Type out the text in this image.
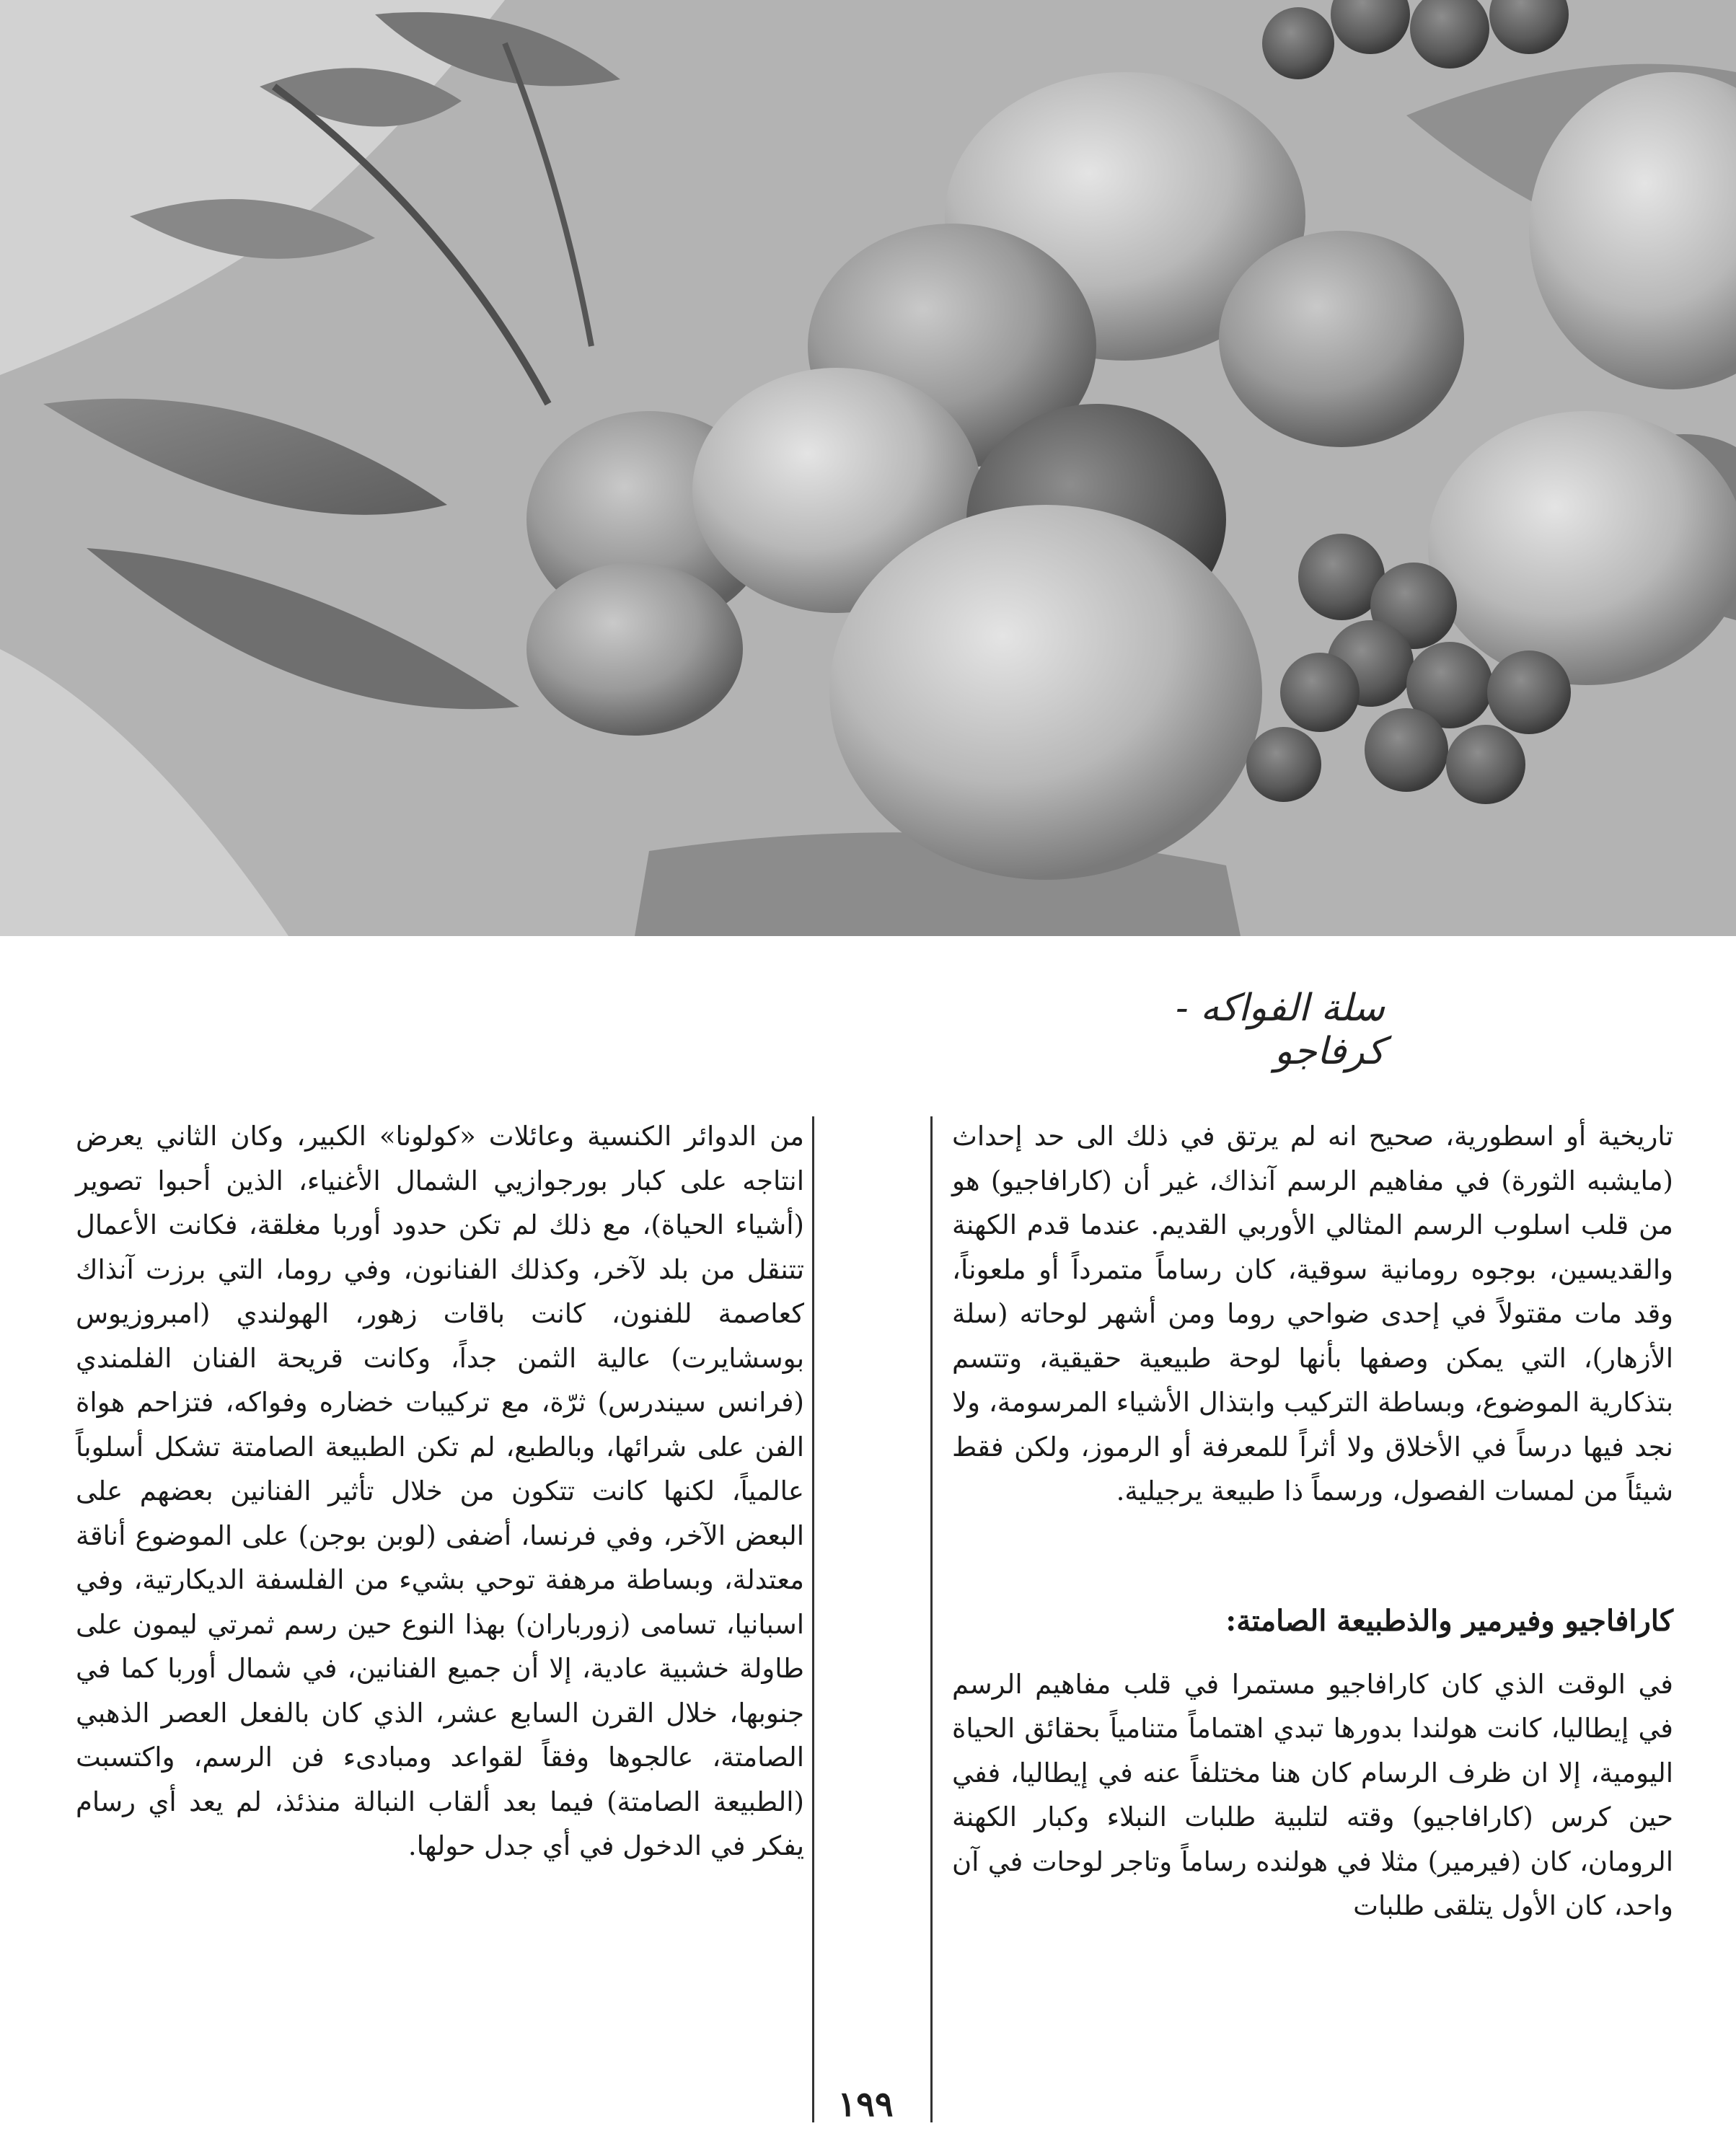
سلة الفواكه - كرفاجو

تاريخية أو اسطورية، صحيح انه لم يرتق في ذلك الى حد إحداث (مايشبه الثورة) في مفاهيم الرسم آنذاك، غير أن (كارافاجيو) هو من قلب اسلوب الرسم المثالي الأوربي القديم. عندما قدم الكهنة والقديسين، بوجوه رومانية سوقية، كان رساماً متمرداً أو ملعوناً، وقد مات مقتولاً في إحدى ضواحي روما ومن أشهر لوحاته (سلة الأزهار)، التي يمكن وصفها بأنها لوحة طبيعية حقيقية، وتتسم بتذكارية الموضوع، وبساطة التركيب وابتذال الأشياء المرسومة، ولا نجد فيها درساً في الأخلاق ولا أثراً للمعرفة أو الرموز، ولكن فقط شيئاً من لمسات الفصول، ورسماً ذا طبيعة يرجيلية.

كارافاجيو وفيرمير والذطبيعة الصامتة:

في الوقت الذي كان كارافاجيو مستمرا في قلب مفاهيم الرسم في إيطاليا، كانت هولندا بدورها تبدي اهتماماً متنامياً بحقائق الحياة اليومية، إلا ان ظرف الرسام كان هنا مختلفاً عنه في إيطاليا، ففي حين كرس (كارافاجيو) وقته لتلبية طلبات النبلاء وكبار الكهنة الرومان، كان (فيرمير) مثلا في هولنده رساماً وتاجر لوحات في آن واحد، كان الأول يتلقى طلبات

من الدوائر الكنسية وعائلات «كولونا» الكبير، وكان الثاني يعرض انتاجه على كبار بورجوازيي الشمال الأغنياء، الذين أحبوا تصوير (أشياء الحياة)، مع ذلك لم تكن حدود أوربا مغلقة، فكانت الأعمال تتنقل من بلد لآخر، وكذلك الفنانون، وفي روما، التي برزت آنذاك كعاصمة للفنون، كانت باقات زهور، الهولندي (امبروزيوس بوسشايرت) عالية الثمن جداً، وكانت قريحة الفنان الفلمندي (فرانس سيندرس) ثرّة، مع تركيبات خضاره وفواكه، فتزاحم هواة الفن على شرائها، وبالطبع، لم تكن الطبيعة الصامتة تشكل أسلوباً عالمياً، لكنها كانت تتكون من خلال تأثير الفنانين بعضهم على البعض الآخر، وفي فرنسا، أضفى (لوبن بوجن) على الموضوع أناقة معتدلة، وبساطة مرهفة توحي بشيء من الفلسفة الديكارتية، وفي اسبانيا، تسامى (زورباران) بهذا النوع حين رسم ثمرتي ليمون على طاولة خشبية عادية، إلا أن جميع الفنانين، في شمال أوربا كما في جنوبها، خلال القرن السابع عشر، الذي كان بالفعل العصر الذهبي الصامتة، عالجوها وفقاً لقواعد ومبادىء فن الرسم، واكتسبت (الطبيعة الصامتة) فيما بعد ألقاب النبالة منذئذ، لم يعد أي رسام يفكر في الدخول في أي جدل حولها.

١٩٩
